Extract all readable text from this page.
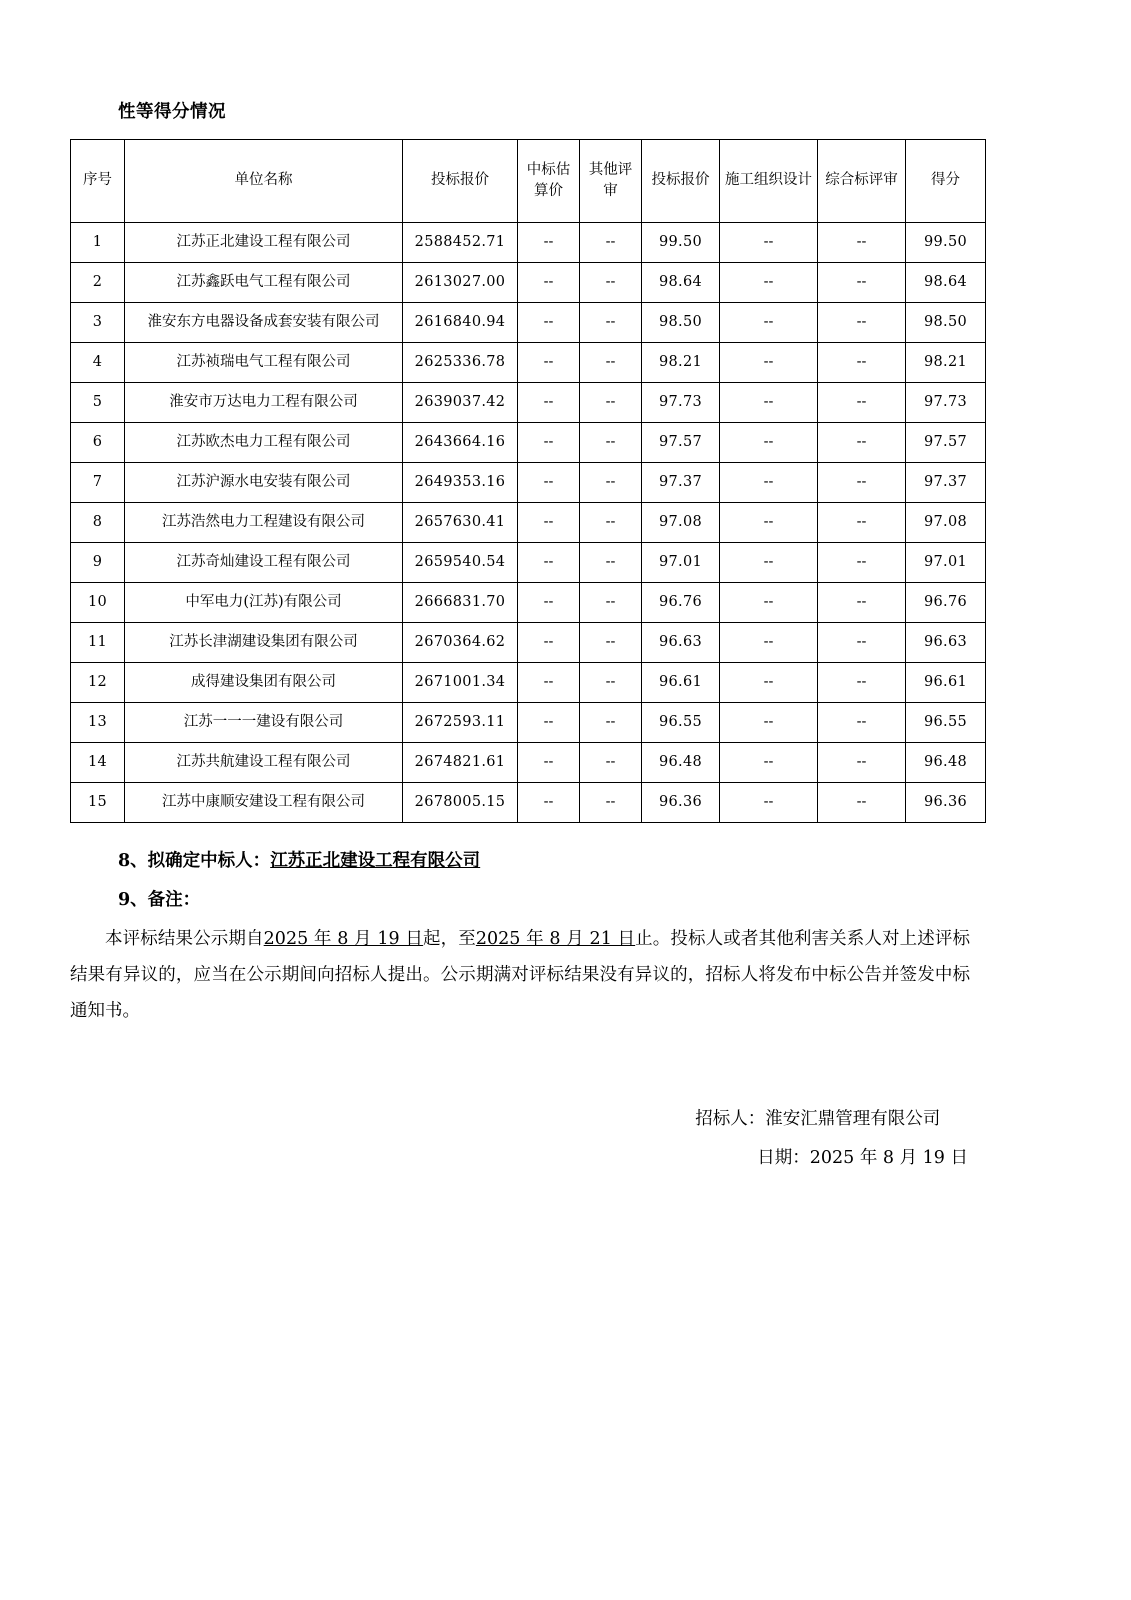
性等得分情况
序号	单位名称	投标报价	中标估算价	其他评审	投标报价	施工组织设计	综合标评审	得分
1	江苏正北建设工程有限公司	2588452.71	--	--	99.50	--	--	99.50
2	江苏鑫跃电气工程有限公司	2613027.00	--	--	98.64	--	--	98.64
3	淮安东方电器设备成套安装有限公司	2616840.94	--	--	98.50	--	--	98.50
4	江苏祯瑞电气工程有限公司	2625336.78	--	--	98.21	--	--	98.21
5	淮安市万达电力工程有限公司	2639037.42	--	--	97.73	--	--	97.73
6	江苏欧杰电力工程有限公司	2643664.16	--	--	97.57	--	--	97.57
7	江苏沪源水电安装有限公司	2649353.16	--	--	97.37	--	--	97.37
8	江苏浩然电力工程建设有限公司	2657630.41	--	--	97.08	--	--	97.08
9	江苏奇灿建设工程有限公司	2659540.54	--	--	97.01	--	--	97.01
10	中军电力(江苏)有限公司	2666831.70	--	--	96.76	--	--	96.76
11	江苏长津湖建设集团有限公司	2670364.62	--	--	96.63	--	--	96.63
12	成得建设集团有限公司	2671001.34	--	--	96.61	--	--	96.61
13	江苏一一一建设有限公司	2672593.11	--	--	96.55	--	--	96.55
14	江苏共航建设工程有限公司	2674821.61	--	--	96.48	--	--	96.48
15	江苏中康顺安建设工程有限公司	2678005.15	--	--	96.36	--	--	96.36
8、拟确定中标人：江苏正北建设工程有限公司
9、备注：
本评标结果公示期自2025 年 8 月 19 日起，至2025 年 8 月 21 日止。投标人或者其他利害关系人对上述评标结果有异议的，应当在公示期间向招标人提出。公示期满对评标结果没有异议的，招标人将发布中标公告并签发中标通知书。
招标人：淮安汇鼎管理有限公司
日期：2025 年 8 月 19 日
